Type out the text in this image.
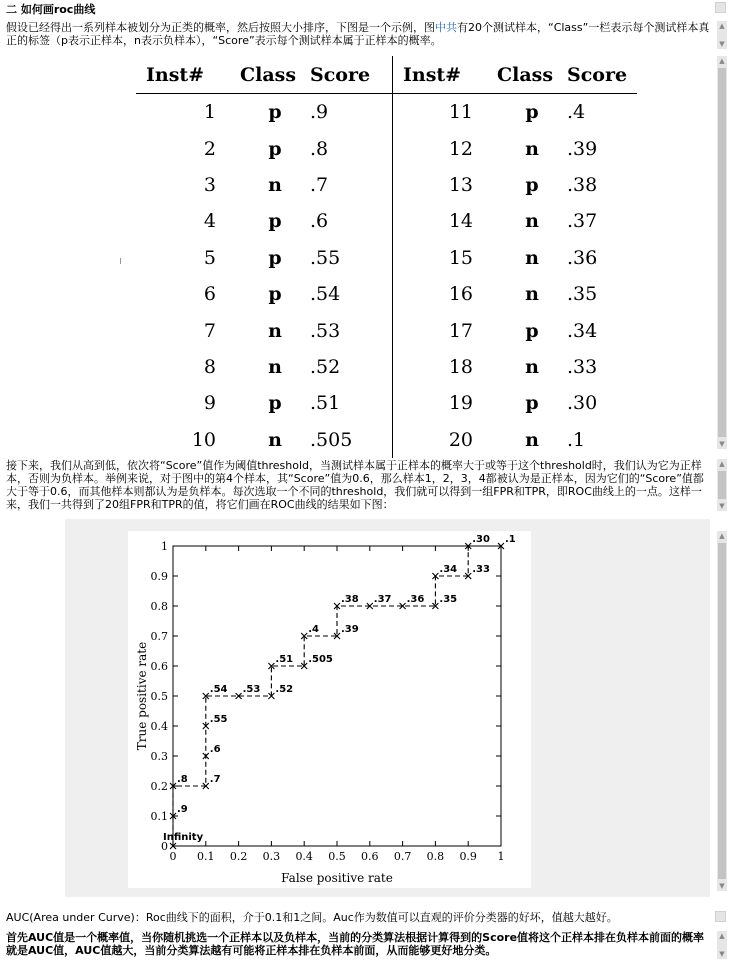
二 如何画roc曲线
假设已经得出一系列样本被划分为正类的概率，然后按照大小排序，下图是一个示例，图中共有20个测试样本，“Class”一栏表示每个测试样本真正的标签（p表示正样本，n表示负样本），“Score”表示每个测试样本属于正样本的概率。
▲
▼
Inst#	Class	Score	Inst#	Class	Score
1	p	.9	11	p	.4
2	p	.8	12	n	.39
3	n	.7	13	p	.38
4	p	.6	14	n	.37
5	p	.55	15	n	.36
6	p	.54	16	n	.35
7	n	.53	17	p	.34
8	n	.52	18	n	.33
9	p	.51	19	p	.30
10	n	.505	20	n	.1
▲
▼
接下来，我们从高到低，依次将“Score”值作为阈值threshold，当测试样本属于正样本的概率大于或等于这个threshold时，我们认为它为正样本，否则为负样本。举例来说，对于图中的第4个样本，其“Score”值为0.6，那么样本1，2，3，4都被认为是正样本，因为它们的“Score”值都大于等于0.6，而其他样本则都认为是负样本。每次选取一个不同的threshold，我们就可以得到一组FPR和TPR，即ROC曲线上的一点。这样一来，我们一共得到了20组FPR和TPR的值，将它们画在ROC曲线的结果如下图：
▲
▼
0 0.1 0.2 0.3 0.4 0.5 0.6 0.7 0.8 0.9 1
0
0.1
0.2
0.3
0.4
0.5
0.6
0.7
0.8
0.9
1
False positive rate
True positive rate
Infinity
.9
.8 .7
.6
.55
.54 .53 .52
.51 .505
.4 .39
.38 .37 .36 .35
.34 .33
.30 .1	▲
▼
AUC(Area under Curve)：Roc曲线下的面积，介于0.1和1之间。Auc作为数值可以直观的评价分类器的好坏，值越大越好。
首先AUC值是一个概率值，当你随机挑选一个正样本以及负样本，当前的分类算法根据计算得到的Score值将这个正样本排在负样本前面的概率就是AUC值，AUC值越大，当前分类算法越有可能将正样本排在负样本前面，从而能够更好地分类。
▲
▼
